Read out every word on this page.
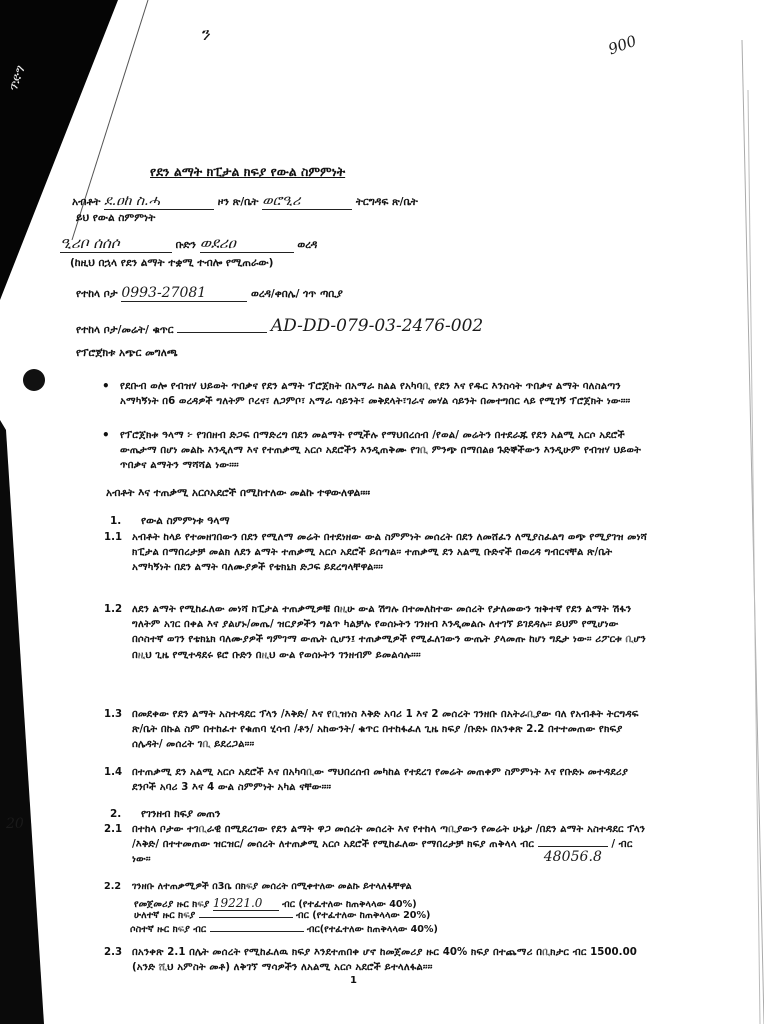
ን	900
ጥድግ
20
የደን ልማት ክፒታል ክፍያ የውል ስምምነት
አብቶት ደ.ዐከ ስ.ሓ	ዞን ጽ/ቤት ወሮዒሪ	ትርግዳፍ ጽ/ቤት
ይህ የውል ስምምነት
ዒሪቦ ሰሰሶ	ቡድን ወደሪዐ	ወረዳ
(ከዚህ በኋላ የደን ልማት ተቋሚ ተብሎ የሚጠራው)
የተከላ ቦታ 0993-27081	ወረዳ/ቀበሌ/ ጎጥ ጣቢያ
የተከላ ቦታ/መሬት/ ቁጥር	AD-DD-079-03-2476-002
የፕሮጀክቱ አጭር መግለጫ
• የደቡብ ወሎ የብዝሃ ህይወት ጥበቃና የደን ልማት ፕሮጀክት በአማራ ክልል የአካባቢ የደን እና የዱር እንስሳት ጥበቃና ልማት ባለስልጣን አማካኝነት በ6 ወረዳዎች ግለትም ቦረና፣ ለጋምቦ፣ አማራ ሳይንት፣ መቅደላት፣ገራና መሃል ሳይንት በመተግበር ላይ የሚገኝ ፕሮጀክት ነው።።
• የፕሮጀክቱ ዓላማ ፦ የገበዘብ ድጋፍ በማድረግ በደን መልማት የሚችሉ የማህበረሰብ /የወል/ መሬትን በተደራጁ የደን አልሚ አርሶ አደሮች ውጤታማ በሆነ መልኩ እንዲለማ እና የተጠቃሚ አርሶ አደሮችን እንዲጠቅሙ የገቢ ምንጭ በማበልፀ ጉድኞችውን እንዲሁም የብዝሃ ህይወት ጥበቃና ልማትን ማሻሻል ነው።።
አብቶት እና ተጠቃሚ አርሶአደሮች በሚከተለው መልኩ ተዋውለዋል።።
1. የውል ስምምነቱ ዓላማ
1.1 አብቶት ከላይ የተመዘገበውን በደን የሚለማ መሬት በተደነዘው ውል ስምምነት መሰረት በደን ለመሸፈን ለሚያስፈልግ ወጭ የሚያገዝ መነሻ ክፒታል በማበረታቻ መልክ ለደን ልማት ተጠቃሚ አርሶ አደሮች ይሰጣል። ተጠቃሚ ደን አልሚ ቡድኖች በወረዳ ግብርናቸል ጽ/ቤት አማካኝነት በደን ልማት ባለሙያዎች የቴክኒክ ድጋፍ ይደረግላቸዋል።።
1.2 ለደን ልማት የሚከፈለው መነሻ ክፒታል ተጠቃሚዎቹ በዚሁ ውል ሽግሉ በተመለከተው መሰረት የታለመውን ዝቅተኛ የደን ልማት ሽፋን ግለትም አገር በቀል እና ያልሆኑ/መጤ/ ዝርያዎችን ግልጥ ካልቻሉ የወሰኑትን ገንዘብ እንዲመልሱ ለተገኘ ይገደዳሉ። ይህም የሚሆነው በሶስተኛ ወገን የቴክኒክ ባለሙያዎች ግምገማ ውጤት ሲሆን፤ ተጠቃሚዎች የሚፈለገውን ውጤት ያላመጡ ከሆነ ግዴታ ነው። ሪፖርቱ ቢሆን በዚህ ጊዜ የሚተዳደሩ ዩሮ ቡድን በዚህ ውል የወሰኑትን ገንዘብም ይመልሳሉ።።
1.3 በመደቀው የደን ልማት አስተዳደር ፕላን /እቅድ/ እና የቢዝነስ እቅድ አባሪ 1 እና 2 መሰረት ገንዘቡ በአትራቢያው ባለ የአብቶት ትርግዳፍ ጽ/ቤት በኩል ስም በተከፈተ የቁጠባ ሂሳብ /ቶን/ አከውንት/ ቁጥር በተከፋፈለ ጊዜ ክፍያ /ቡድኑ በአንቀጽ 2.2 በተተመጠው የክፍያ ሰሌዳት/ መሰረት ገቢ ይደረጋል።።
1.4 በተጠቃሚ ደን አልሚ አርሶ አደሮች እና በአካባቢው ማህበረሰብ መካከል የተደረገ የመሬት መጠቀም ስምምነት እና የቡድኑ መተዳደሪያ ደንቦች አባሪ 3 እና 4 ውል ስምምነት አካል ናቸው።።
2. የገንዘብ ክፍያ መጠን
2.1 በተከላ ቦታው ተገቢራዊ በሚደረገው የደን ልማት ዋጋ መሰረት መሰረት እና የተከላ ጣቢያውን የመሬት ሁኔታ /በደን ልማት አስተዳደር ፕላን /እቅድ/ በተተመጠው ዝርዝር/ መሰረት ለተጠቃሚ አርሶ አደሮች የሚከፈለው የማበረታቻ ክፍያ ጠቅላላ ብር
48056.8
/ ብር ነው።
2.2 ገንዘቡ ለተጠቃሚዎች በ3ቤ በክፍያ መሰረት በሚቀተለው መልኩ ይተላለፋቸዋል
የመጀመሪያ ዙር ክፍያ 19221.0 ብር (የተፈተለው ከጠቅላላው 40%)
ሁለተኛ ዙር ክፍያ	ብር (የተፈተለው ከጠቅላላው 20%)
ሶስተኛ ዙር ክፍያ ብር	ብር(የተፈተለው ከጠቅላላው 40%)
2.3 በአንቀጽ 2.1 በሌት መሰረት የሚከፈለዉ ክፍያ እንደተጠበቀ ሆኖ ከመጀመሪያ ዙር 40% ክፍያ በተጨማሪ በቢክታር ብር 1500.00 (አንድ ሺህ አምስት መቶ) ለቅገኘ ማሳዎችን ለአልሚ አርሶ አደሮች ይተላለፋል።።
1
